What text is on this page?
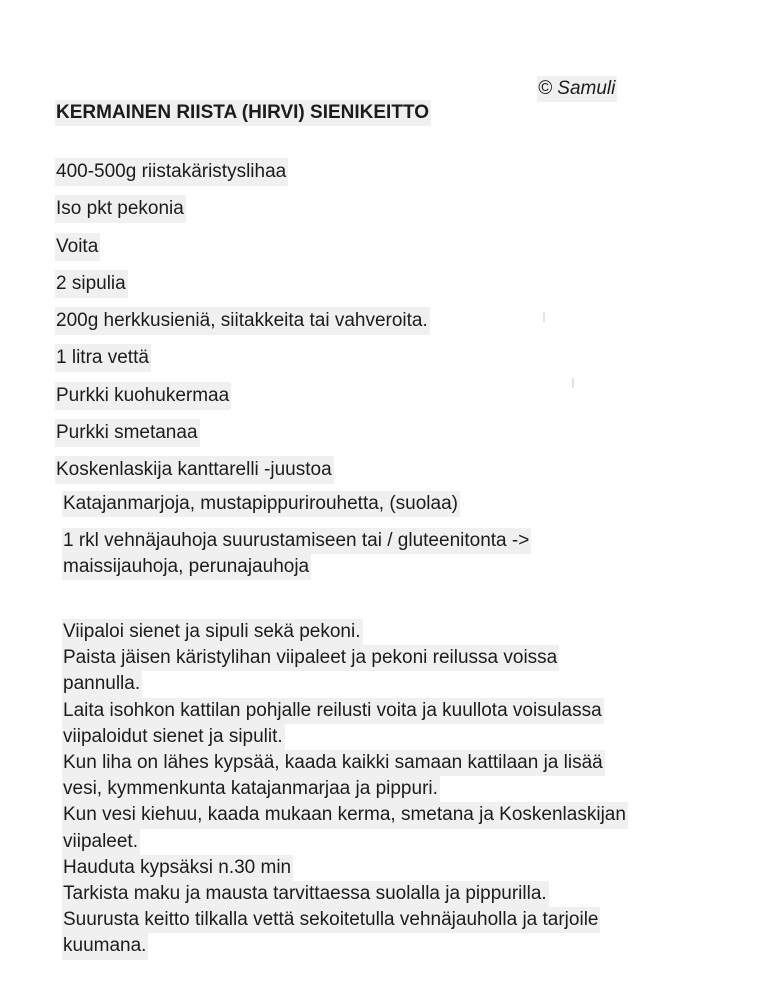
© Samuli
KERMAINEN RIISTA (HIRVI) SIENIKEITTO
400-500g riistakäristyslihaa
Iso pkt pekonia
Voita
2 sipulia
200g herkkusieniä, siitakkeita tai vahveroita.
1 litra vettä
Purkki kuohukermaa
Purkki smetanaa
Koskenlaskija kanttarelli -juustoa
Katajanmarjoja, mustapippurirouhetta, (suolaa)
1 rkl vehnäjauhoja suurustamiseen tai / gluteenitonta ->
maissijauhoja, perunajauhoja
Viipaloi sienet ja sipuli sekä pekoni.
Paista jäisen käristylihan viipaleet ja pekoni reilussa voissa
pannulla.
Laita isohkon kattilan pohjalle reilusti voita ja kuullota voisulassa
viipaloidut sienet ja sipulit.
Kun liha on lähes kypsää, kaada kaikki samaan kattilaan ja lisää
vesi, kymmenkunta katajanmarjaa ja pippuri.
Kun vesi kiehuu, kaada mukaan kerma, smetana ja Koskenlaskijan
viipaleet.
Hauduta kypsäksi n.30 min
Tarkista maku ja mausta tarvittaessa suolalla ja pippurilla.
Suurusta keitto tilkalla vettä sekoitetulla vehnäjauholla ja tarjoile
kuumana.
